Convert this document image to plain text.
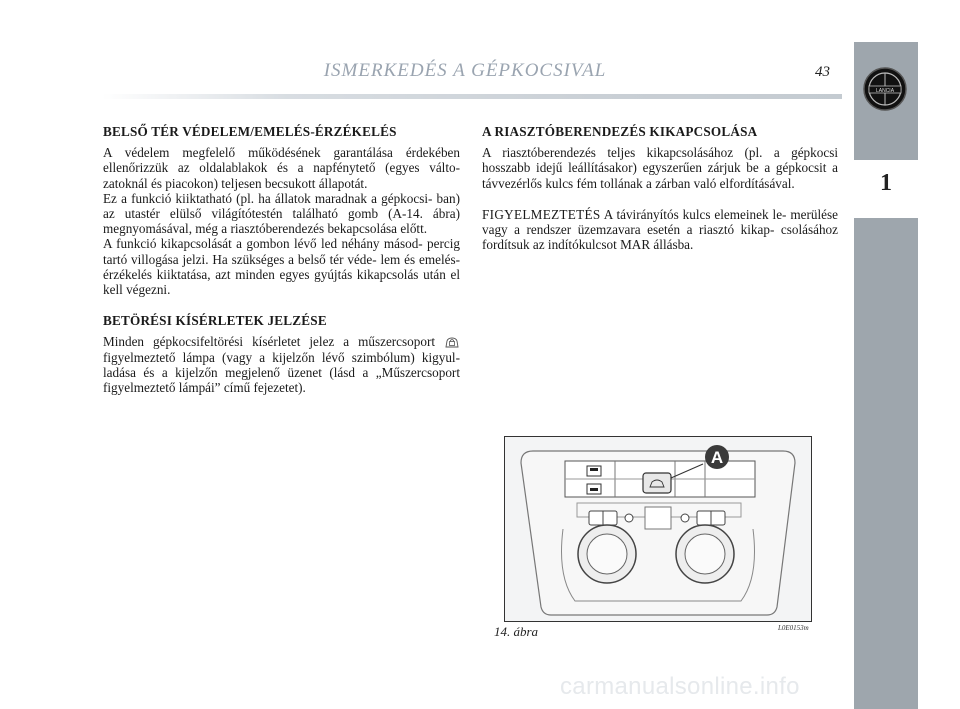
ISMERKEDÉS A GÉPKOCSIVAL	43
1
LANCIA
BELSŐ TÉR VÉDELEM/EMELÉS-ÉRZÉKELÉS

A védelem megfelelő működésének garantálása érdekében ellenőrizzük az oldalablakok és a napfénytető (egyes válto- zatoknál és piacokon) teljesen becsukott állapotát.

Ez a funkció kiiktatható (pl. ha állatok maradnak a gépkocsi- ban) az utastér elülső világítótestén található gomb (A-14. ábra) megnyomásával, még a riasztóberendezés bekapcsolása előtt.

A funkció kikapcsolását a gombon lévő led néhány másod- percig tartó villogása jelzi. Ha szükséges a belső tér véde- lem és emelés-érzékelés kiiktatása, azt minden egyes gyújtás kikapcsolás után el kell végezni.

BETÖRÉSI KÍSÉRLETEK JELZÉSE

Minden gépkocsifeltörési kísérletet jelez a műszercsoport  figyelmeztető lámpa (vagy a kijelzőn lévő szimbólum) kigyul- ladása és a kijelzőn megjelenő üzenet (lásd a „Műszercsoport figyelmeztető lámpái” című fejezetet).

A RIASZTÓBERENDEZÉS KIKAPCSOLÁSA

A riasztóberendezés teljes kikapcsolásához (pl. a gépkocsi hosszabb idejű leállításakor) egyszerűen zárjuk be a gépkocsit a távvezérlős kulcs fém tollának a zárban való elfordításával.

FIGYELMEZTETÉS A távirányítós kulcs elemeinek le- merülése vagy a rendszer üzemzavara esetén a riasztó kikap- csolásához fordítsuk az indítókulcsot MAR állásba.

A
14. ábra	L0E0153m
carmanualsonline.info
